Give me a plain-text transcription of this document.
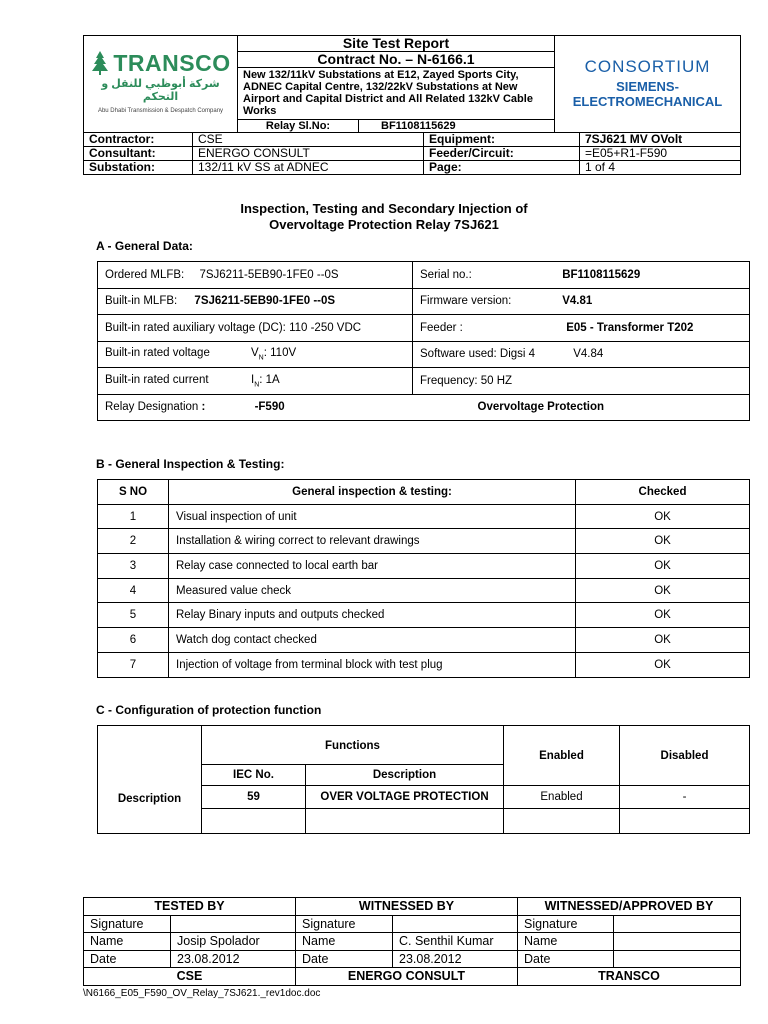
TRANSCO
شركة أبوظبي للنقل و التحكم
Abu Dhabi Transmission & Despatch Company

Site Test Report
Contract No. – N-6166.1
New 132/11kV Substations at E12, Zayed Sports City, ADNEC Capital Centre, 132/22kV Substations at New Airport and Capital District and All Related 132kV Cable Works
Relay Sl.No:	BF1108115629

CONSORTIUM
SIEMENS-ELECTROMECHANICAL
Contractor:	CSE	Equipment:	7SJ621 MV OVolt
Consultant:	ENERGO CONSULT	Feeder/Circuit:	=E05+R1-F590
Substation:	132/11 kV SS at ADNEC	Page:	1 of 4
Inspection, Testing and Secondary Injection of
Overvoltage Protection Relay 7SJ621
A - General Data:
Ordered MLFB: 7SJ6211-5EB90-1FE0 --0S	Serial no.: BF1108115629
Built-in MLFB: 7SJ6211-5EB90-1FE0 --0S	Firmware version: V4.81
Built-in rated auxiliary voltage (DC): 110 -250 VDC	Feeder : E05 - Transformer T202
Built-in rated voltage $V_N$: 110V	Software used: Digsi 4 V4.84
Built-in rated current $I_N$: 1A	Frequency: 50 HZ
Relay Designation : -F590	Overvoltage Protection
B - General Inspection & Testing:
S NO	General inspection & testing:	Checked
1	Visual inspection of unit	OK
2	Installation & wiring correct to relevant drawings	OK
3	Relay case connected to local earth bar	OK
4	Measured value check	OK
5	Relay Binary inputs and outputs checked	OK
6	Watch dog contact checked	OK
7	Injection of voltage from terminal block with test plug	OK
C - Configuration of protection function
	Functions		Enabled	Disabled
Description	IEC No.	Description		
	59	OVER VOLTAGE PROTECTION	Enabled	-

TESTED BY		WITNESSED BY		WITNESSED/APPROVED BY	
Signature		Signature		Signature	
Name	Josip Spolador	Name	C. Senthil Kumar	Name	
Date	23.08.2012	Date	23.08.2012	Date	
CSE		ENERGO CONSULT		TRANSCO	
\N6166_E05_F590_OV_Relay_7SJ621._rev1doc.doc
